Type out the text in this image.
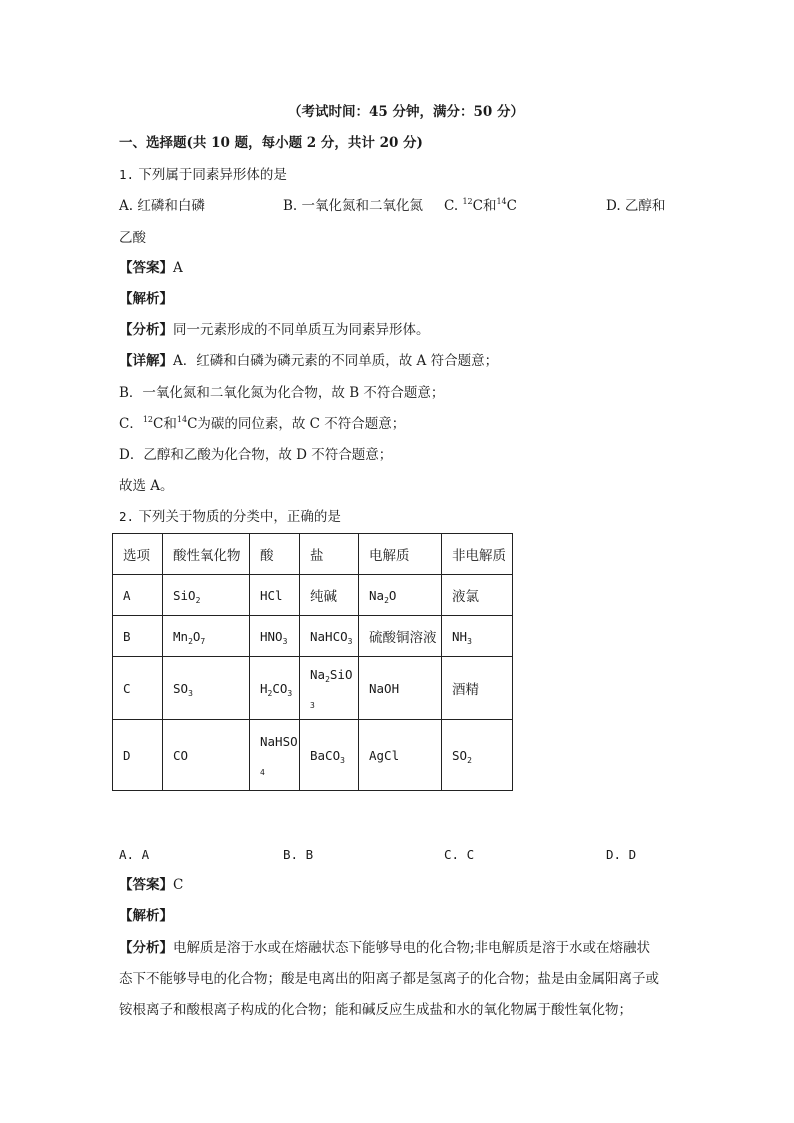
（考试时间：45 分钟，满分：50 分）
一、选择题(共 10 题，每小题 2 分，共计 20 分)
1. 下列属于同素异形体的是
A. 红磷和白磷	B. 一氧化氮和二氧化氮 C. $^{12}$C和$^{14}$C	D. 乙醇和
乙酸
【答案】A
【解析】
【分析】同一元素形成的不同单质互为同素异形体。
【详解】A．红磷和白磷为磷元素的不同单质，故 A 符合题意；
B．一氧化氮和二氧化氮为化合物，故 B 不符合题意；
C．$^{12}$C和$^{14}$C为碳的同位素，故 C 不符合题意；
D．乙醇和乙酸为化合物，故 D 不符合题意；
故选 A。
2. 下列关于物质的分类中，正确的是
选项	酸性氧化物	酸	盐	电解质	非电解质
A	SiO$_2$	HCl	纯碱	$Na_2O$	液氯
B	$Mn_2O_7$	$HNO_3$	NaHCO$_3$	硫酸铜溶液	$NH_3$
C	$SO_3$	$H_2CO_3$	$Na_2SiO_3$	NaOH	酒精
D	CO	NaHSO$_4$	BaCO$_3$	AgCl	$SO_2$
A. A	B. B	C. C	D. D
【答案】C
【解析】
【分析】电解质是溶于水或在熔融状态下能够导电的化合物;非电解质是溶于水或在熔融状
态下不能够导电的化合物；酸是电离出的阳离子都是氢离子的化合物；盐是由金属阳离子或
铵根离子和酸根离子构成的化合物；能和碱反应生成盐和水的氧化物属于酸性氧化物；
